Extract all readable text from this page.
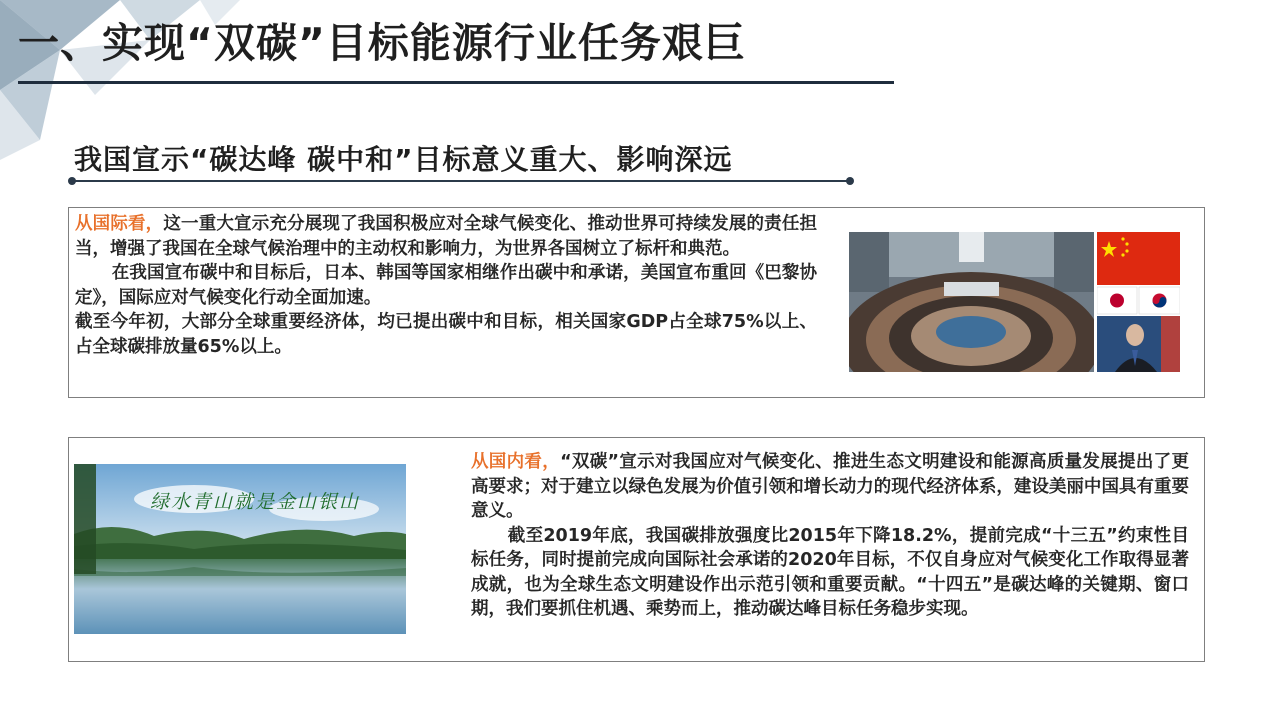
一、实现“双碳”目标能源行业任务艰巨
我国宣示“碳达峰 碳中和”目标意义重大、影响深远

从国际看，这一重大宣示充分展现了我国积极应对全球气候变化、推动世界可持续发展的责任担当，增强了我国在全球气候治理中的主动权和影响力，为世界各国树立了标杆和典范。

在我国宣布碳中和目标后，日本、韩国等国家相继作出碳中和承诺，美国宣布重回《巴黎协定》，国际应对气候变化行动全面加速。

截至今年初，大部分全球重要经济体，均已提出碳中和目标，相关国家GDP占全球75%以上、占全球碳排放量65%以上。

从国内看，“双碳”宣示对我国应对气候变化、推进生态文明建设和能源高质量发展提出了更高要求；对于建立以绿色发展为价值引领和增长动力的现代经济体系，建设美丽中国具有重要意义。

截至2019年底，我国碳排放强度比2015年下降18.2%，提前完成“十三五”约束性目标任务，同时提前完成向国际社会承诺的2020年目标，不仅自身应对气候变化工作取得显著成就，也为全球生态文明建设作出示范引领和重要贡献。“十四五”是碳达峰的关键期、窗口期，我们要抓住机遇、乘势而上，推动碳达峰目标任务稳步实现。

绿水青山就是金山银山
